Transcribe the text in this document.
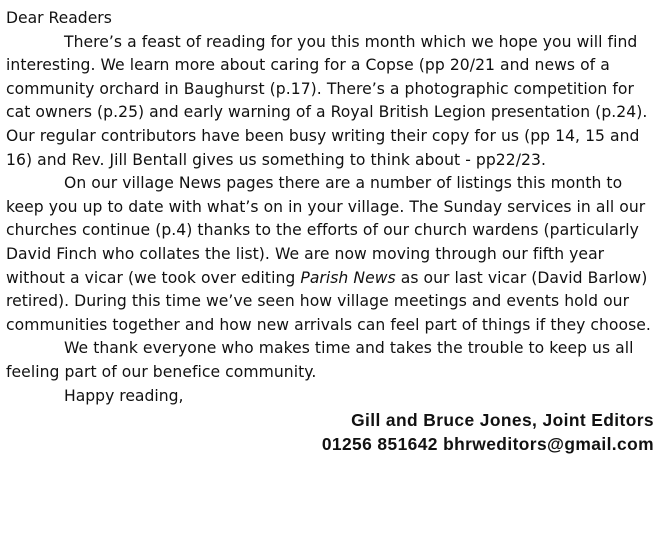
Dear Readers

There’s a feast of reading for you this month which we hope you will find interesting. We learn more about caring for a Copse (pp 20/21 and news of a community orchard in Baughurst (p.17). There’s a photographic competition for cat owners (p.25) and early warning of a Royal British Legion presentation (p.24). Our regular contributors have been busy writing their copy for us (pp 14, 15 and 16) and Rev. Jill Bentall gives us something to think about - pp22/23.

On our village News pages there are a number of listings this month to keep you up to date with what’s on in your village. The Sunday services in all our churches continue (p.4) thanks to the efforts of our church wardens (particularly David Finch who collates the list). We are now moving through our fifth year without a vicar (we took over editing Parish News as our last vicar (David Barlow) retired). During this time we’ve seen how village meetings and events hold our communities together and how new arrivals can feel part of things if they choose.

We thank everyone who makes time and takes the trouble to keep us all feeling part of our benefice community.

Happy reading,

Gill and Bruce Jones, Joint Editors

01256 851642 bhrweditors@gmail.com
